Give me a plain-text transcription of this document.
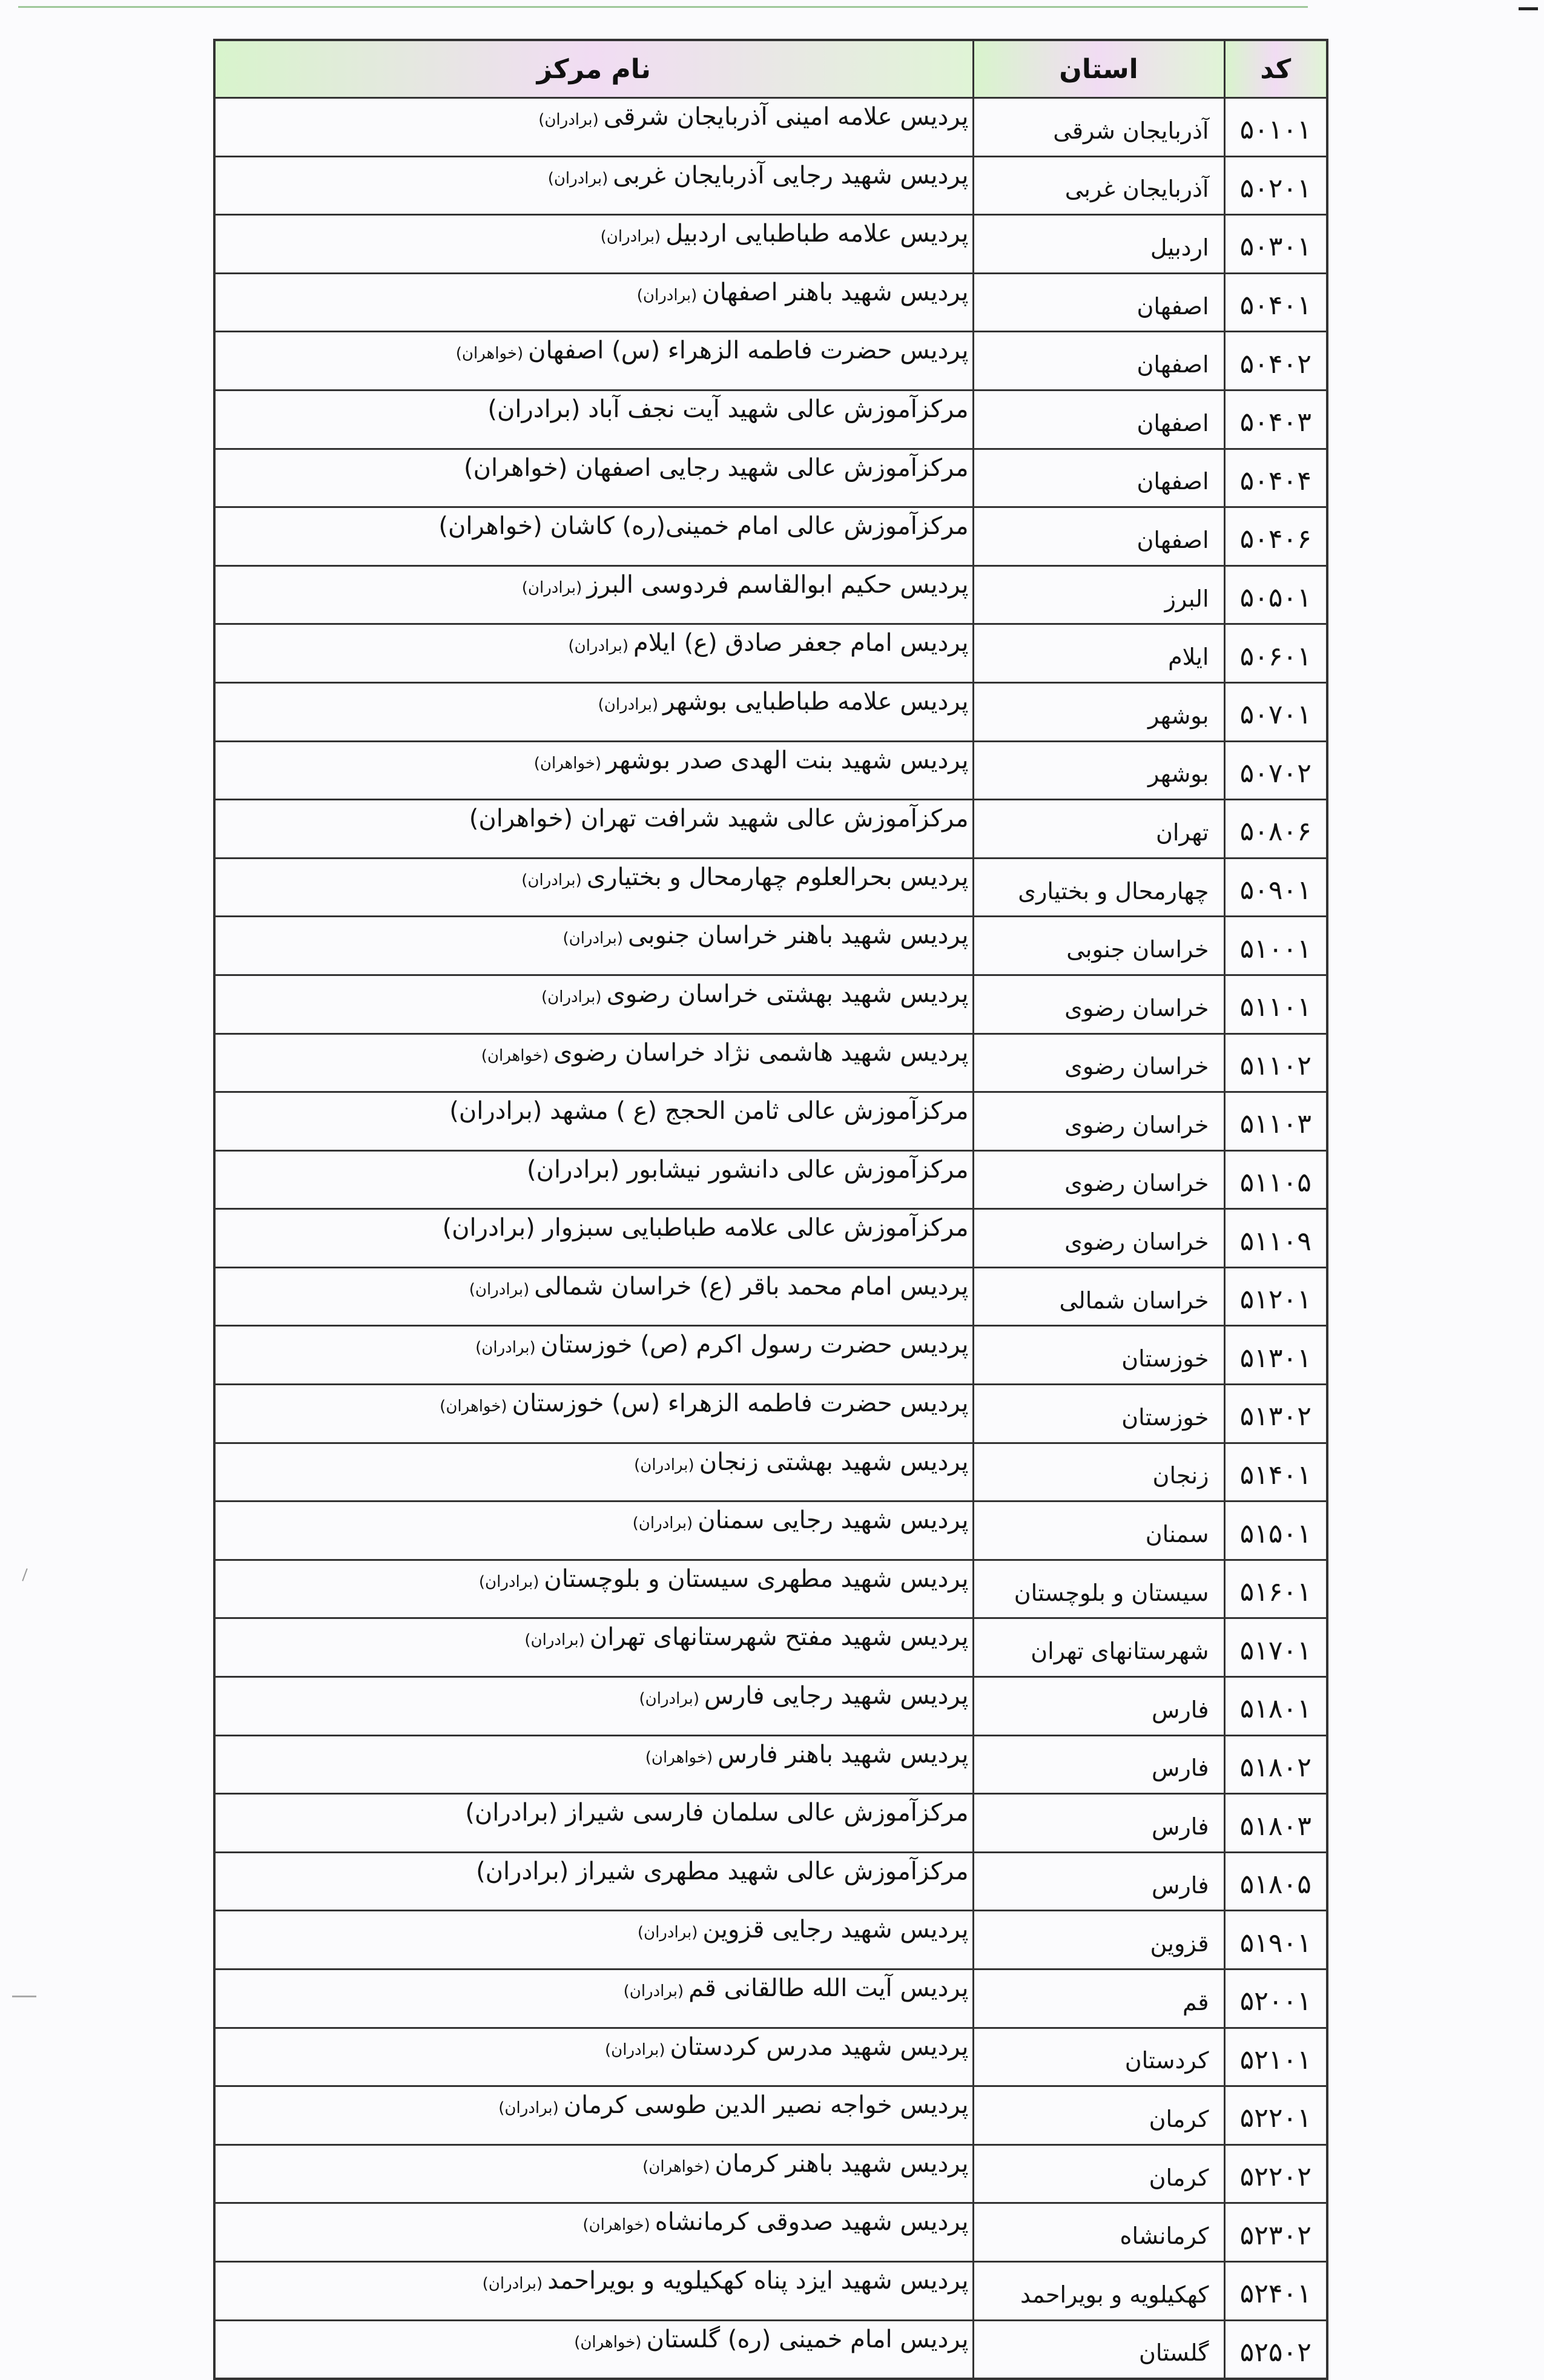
کد	استان	نام مرکز
۵۰۱۰۱	آذربایجان شرقی	پردیس علامه امینی آذربایجان شرقی(برادران)
۵۰۲۰۱	آذربایجان غربی	پردیس شهید رجایی آذربایجان غربی(برادران)
۵۰۳۰۱	اردبیل	پردیس علامه طباطبایی اردبیل(برادران)
۵۰۴۰۱	اصفهان	پردیس شهید باهنر اصفهان(برادران)
۵۰۴۰۲	اصفهان	پردیس حضرت فاطمه الزهراء (س) اصفهان(خواهران)
۵۰۴۰۳	اصفهان	مرکزآموزش عالی شهید آیت نجف آباد (برادران)
۵۰۴۰۴	اصفهان	مرکزآموزش عالی شهید رجایی اصفهان (خواهران)
۵۰۴۰۶	اصفهان	مرکزآموزش عالی امام خمینی(ره) کاشان (خواهران)
۵۰۵۰۱	البرز	پردیس حکیم ابوالقاسم فردوسی البرز(برادران)
۵۰۶۰۱	ایلام	پردیس امام جعفر صادق (ع) ایلام(برادران)
۵۰۷۰۱	بوشهر	پردیس علامه طباطبایی بوشهر(برادران)
۵۰۷۰۲	بوشهر	پردیس شهید بنت الهدی صدر بوشهر(خواهران)
۵۰۸۰۶	تهران	مرکزآموزش عالی شهید شرافت تهران (خواهران)
۵۰۹۰۱	چهارمحال و بختیاری	پردیس بحرالعلوم چهارمحال و بختیاری(برادران)
۵۱۰۰۱	خراسان جنوبی	پردیس شهید باهنر خراسان جنوبی(برادران)
۵۱۱۰۱	خراسان رضوی	پردیس شهید بهشتی خراسان رضوی(برادران)
۵۱۱۰۲	خراسان رضوی	پردیس شهید هاشمی نژاد خراسان رضوی(خواهران)
۵۱۱۰۳	خراسان رضوی	مرکزآموزش عالی ثامن الحجج (ع ) مشهد (برادران)
۵۱۱۰۵	خراسان رضوی	مرکزآموزش عالی دانشور نیشابور (برادران)
۵۱۱۰۹	خراسان رضوی	مرکزآموزش عالی علامه طباطبایی سبزوار (برادران)
۵۱۲۰۱	خراسان شمالی	پردیس امام محمد باقر (ع) خراسان شمالی(برادران)
۵۱۳۰۱	خوزستان	پردیس حضرت رسول اکرم (ص) خوزستان(برادران)
۵۱۳۰۲	خوزستان	پردیس حضرت فاطمه الزهراء (س) خوزستان(خواهران)
۵۱۴۰۱	زنجان	پردیس شهید بهشتی زنجان(برادران)
۵۱۵۰۱	سمنان	پردیس شهید رجایی سمنان(برادران)
۵۱۶۰۱	سیستان و بلوچستان	پردیس شهید مطهری سیستان و بلوچستان(برادران)
۵۱۷۰۱	شهرستانهای تهران	پردیس شهید مفتح شهرستانهای تهران(برادران)
۵۱۸۰۱	فارس	پردیس شهید رجایی فارس(برادران)
۵۱۸۰۲	فارس	پردیس شهید باهنر فارس(خواهران)
۵۱۸۰۳	فارس	مرکزآموزش عالی سلمان فارسی شیراز (برادران)
۵۱۸۰۵	فارس	مرکزآموزش عالی شهید مطهری شیراز (برادران)
۵۱۹۰۱	قزوین	پردیس شهید رجایی قزوین(برادران)
۵۲۰۰۱	قم	پردیس آیت الله طالقانی قم(برادران)
۵۲۱۰۱	کردستان	پردیس شهید مدرس کردستان(برادران)
۵۲۲۰۱	کرمان	پردیس خواجه نصیر الدین طوسی کرمان(برادران)
۵۲۲۰۲	کرمان	پردیس شهید باهنر کرمان(خواهران)
۵۲۳۰۲	کرمانشاه	پردیس شهید صدوقی کرمانشاه(خواهران)
۵۲۴۰۱	کهکیلویه و بویراحمد	پردیس شهید ایزد پناه کهکیلویه و بویراحمد(برادران)
۵۲۵۰۲	گلستان	پردیس امام خمینی (ره) گلستان(خواهران)
